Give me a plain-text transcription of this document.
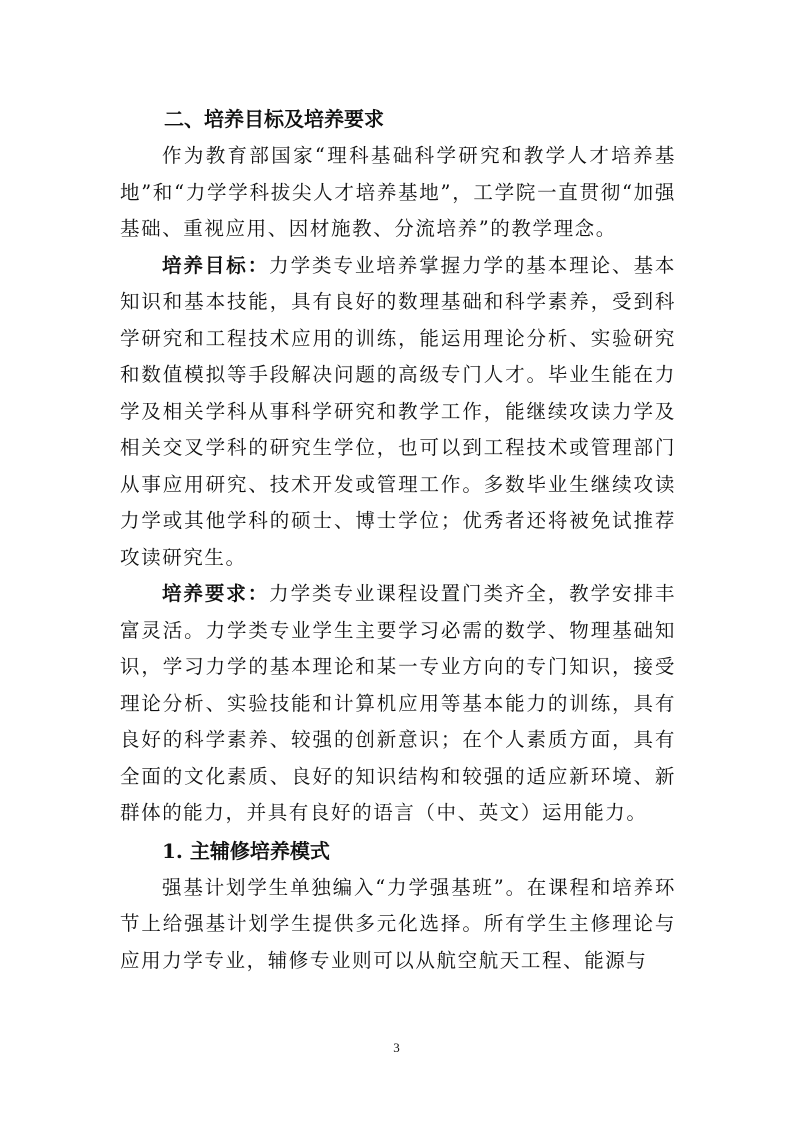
二、培养目标及培养要求

作为教育部国家“理科基础科学研究和教学人才培养基地”和“力学学科拔尖人才培养基地”，工学院一直贯彻“加强基础、重视应用、因材施教、分流培养”的教学理念。

培养目标：力学类专业培养掌握力学的基本理论、基本知识和基本技能，具有良好的数理基础和科学素养，受到科学研究和工程技术应用的训练，能运用理论分析、实验研究和数值模拟等手段解决问题的高级专门人才。毕业生能在力学及相关学科从事科学研究和教学工作，能继续攻读力学及相关交叉学科的研究生学位，也可以到工程技术或管理部门从事应用研究、技术开发或管理工作。多数毕业生继续攻读力学或其他学科的硕士、博士学位；优秀者还将被免试推荐攻读研究生。

培养要求：力学类专业课程设置门类齐全，教学安排丰富灵活。力学类专业学生主要学习必需的数学、物理基础知识，学习力学的基本理论和某一专业方向的专门知识，接受理论分析、实验技能和计算机应用等基本能力的训练，具有良好的科学素养、较强的创新意识；在个人素质方面，具有全面的文化素质、良好的知识结构和较强的适应新环境、新群体的能力，并具有良好的语言（中、英文）运用能力。

1. 主辅修培养模式

强基计划学生单独编入“力学强基班”。在课程和培养环节上给强基计划学生提供多元化选择。所有学生主修理论与应用力学专业，辅修专业则可以从航空航天工程、能源与

3
